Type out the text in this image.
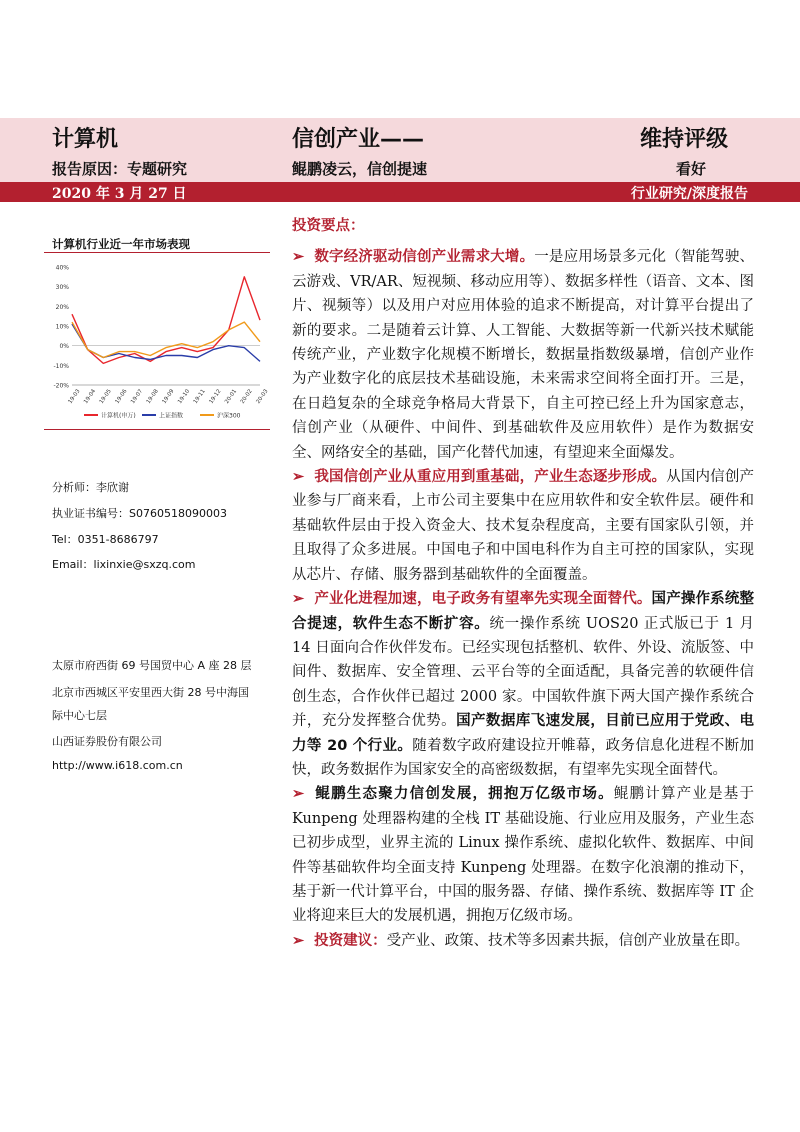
计算机
报告原因：专题研究
信创产业——
鲲鹏凌云，信创提速
维持评级
看好
2020 年 3 月 27 日	行业研究/深度报告
计算机行业近一年市场表现
40%
30%
20%
10%
0%
-10%
-20%
19-03 19-04 19-05 19-06 19-07 19-08 19-09 19-10 19-11 19-12 20-01 20-02 20-03
计算机(申万)	上证指数	沪深300
分析师：李欣谢
执业证书编号：S0760518090003
Tel：0351-8686797
Email：lixinxie@sxzq.com
太原市府西街 69 号国贸中心 A 座 28 层
北京市西城区平安里西大街 28 号中海国
际中心七层
山西证券股份有限公司
http://www.i618.com.cn
投资要点：

➢ 数字经济驱动信创产业需求大增。一是应用场景多元化（智能驾驶、云游戏、VR/AR、短视频、移动应用等）、数据多样性（语音、文本、图片、视频等）以及用户对应用体验的追求不断提高，对计算平台提出了新的要求。二是随着云计算、人工智能、大数据等新一代新兴技术赋能传统产业，产业数字化规模不断增长，数据量指数级暴增，信创产业作为产业数字化的底层技术基础设施，未来需求空间将全面打开。三是，在日趋复杂的全球竞争格局大背景下，自主可控已经上升为国家意志，信创产业（从硬件、中间件、到基础软件及应用软件）是作为数据安全、网络安全的基础，国产化替代加速，有望迎来全面爆发。

➢ 我国信创产业从重应用到重基础，产业生态逐步形成。从国内信创产业参与厂商来看，上市公司主要集中在应用软件和安全软件层。硬件和基础软件层由于投入资金大、技术复杂程度高，主要有国家队引领，并且取得了众多进展。中国电子和中国电科作为自主可控的国家队，实现从芯片、存储、服务器到基础软件的全面覆盖。

➢ 产业化进程加速，电子政务有望率先实现全面替代。国产操作系统整合提速，软件生态不断扩容。统一操作系统 UOS20 正式版已于 1 月 14 日面向合作伙伴发布。已经实现包括整机、软件、外设、流版签、中间件、数据库、安全管理、云平台等的全面适配，具备完善的软硬件信创生态，合作伙伴已超过 2000 家。中国软件旗下两大国产操作系统合并，充分发挥整合优势。国产数据库飞速发展，目前已应用于党政、电力等 20 个行业。随着数字政府建设拉开帷幕，政务信息化进程不断加快，政务数据作为国家安全的高密级数据，有望率先实现全面替代。

➢ 鲲鹏生态聚力信创发展，拥抱万亿级市场。鲲鹏计算产业是基于 Kunpeng 处理器构建的全栈 IT 基础设施、行业应用及服务，产业生态已初步成型，业界主流的 Linux 操作系统、虚拟化软件、数据库、中间件等基础软件均全面支持 Kunpeng 处理器。在数字化浪潮的推动下，基于新一代计算平台，中国的服务器、存储、操作系统、数据库等 IT 企业将迎来巨大的发展机遇，拥抱万亿级市场。

➢ 投资建议：受产业、政策、技术等多因素共振，信创产业放量在即。
